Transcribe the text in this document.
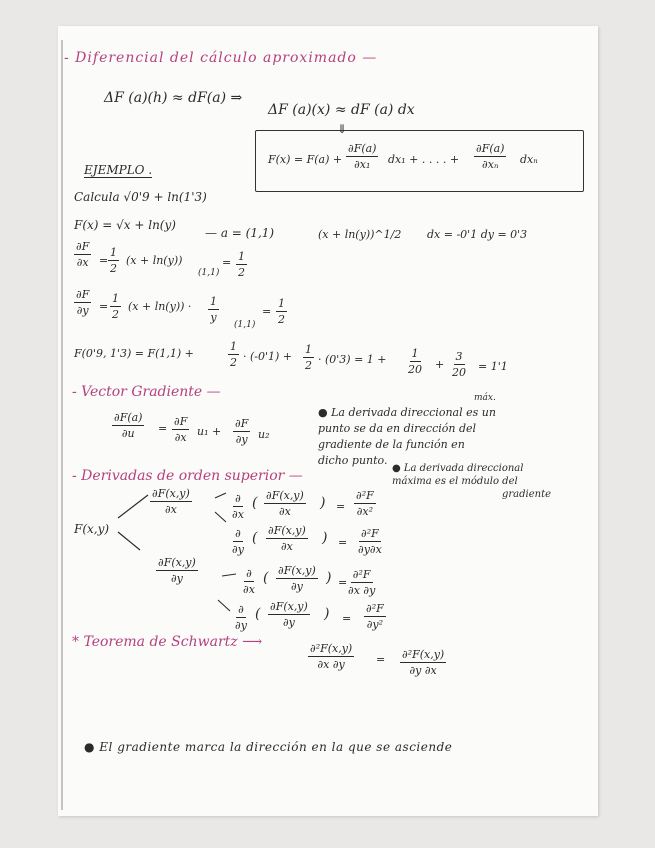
- Diferencial del cálculo aproximado —
ΔF (a)(h) ≈ dF(a) ⇒
ΔF (a)(x) ≈ dF (a) dx
⇓
$F(x) = F(a) + \frac{\partial F(a)}{\text{∂x₁}} dx_1$ + . . . . + $\frac{\partial F(a)}{\text{∂xₙ}}$ dxₙ
EJEMPLO .
Calcula √0'9 + ln(1'3)
F(x) = √x + ln(y)
— a = (1,1)	(x + ln(y))^1/2 dx = -0'1 dy = 0'3
$\frac{\partial F}{\partial x} = \frac{1}{2} (x + \ln(y))$
(1,1)
= $\frac{1}{2}$
$\frac{\partial F}{\partial y} = \frac{1}{2} (x + \ln(y)) \cdot \frac{1}{y}$
(1,1)
= $\frac{1}{2}$
F(0'9, 1'3) = F(1,1) +	$\frac{1}{2} \cdot (-0'1) + \frac{1}{2} \cdot (0'3) = 1 + \frac{1}{20} + \frac{3}{20} = 1'1$
- Vector Gradiente —
$\frac{\partial F(a)}{\partial u} = \frac{\partial F}{\partial x} u_1 + \frac{\partial F}{\partial y} u_2$
máx.
● La derivada direccional es un
punto se da en dirección del
gradiente de la función en
dicho punto.
- Derivadas de orden superior —	● La derivada direccional
máxima es el módulo del
gradiente
F(x,y)
$\frac{\partial F(x,y)}{\partial x}$
$\frac{\partial F(x,y)}{\partial y}$
∂
∂x
( $\frac{\partial F(x,y)}{\partial x}$ ) = $\frac{\text{∂²F}}{\text{∂x²}}$
∂
∂y
( $\frac{\partial F(x,y)}{\partial x}$ ) = $\frac{\text{∂²F}}{\partial y\partial x}$
∂
∂x
( $\frac{\partial F(x,y)}{\partial y}$ ) = $\frac{\text{∂²F}}{\partial x \partial y}$
∂
∂y
( $\frac{\partial F(x,y)}{\partial y}$ ) = $\frac{\text{∂²F}}{\text{∂y²}}$
* Teorema de Schwartz ⟶	$\frac{\text{∂²F(x,y)}}{\partial x \partial y} = \frac{\text{∂²F(x,y)}}{\partial y \partial x}$
● El gradiente marca la dirección en la que se asciende
